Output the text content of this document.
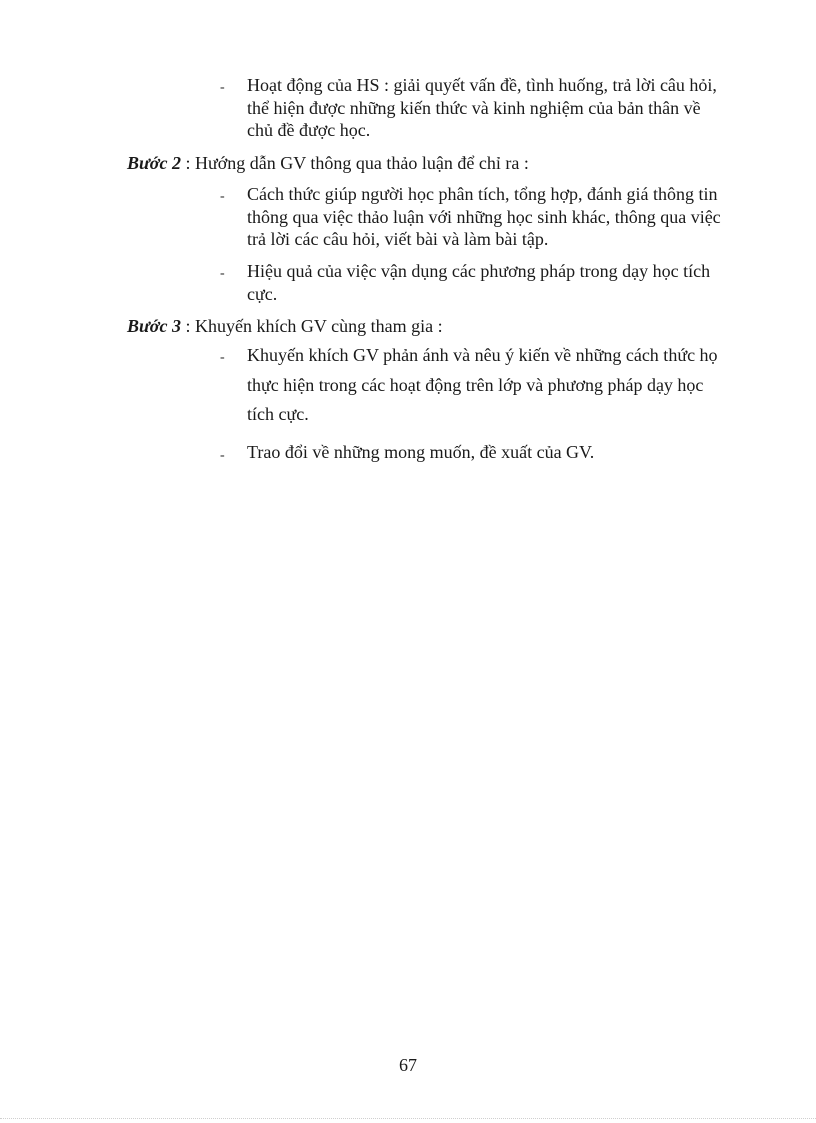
-	Hoạt động của HS : giải quyết vấn đề, tình huống, trả lời câu hỏi, thể hiện được những kiến thức và kinh nghiệm của bản thân về chủ đề được học.
Bước 2 : Hướng dẫn GV thông qua thảo luận để chỉ ra :
-	Cách thức giúp người học phân tích, tổng hợp, đánh giá thông tin thông qua việc thảo luận với những học sinh khác, thông qua việc trả lời các câu hỏi, viết bài và làm bài tập.
-	Hiệu quả của việc vận dụng các phương pháp trong dạy học tích cực.
Bước 3 : Khuyến khích GV cùng tham gia :
-	Khuyến khích GV phản ánh và nêu ý kiến về những cách thức họ thực hiện trong các hoạt động trên lớp và phương pháp dạy học tích cực.
-	Trao đổi về những mong muốn, đề xuất của GV.
67
